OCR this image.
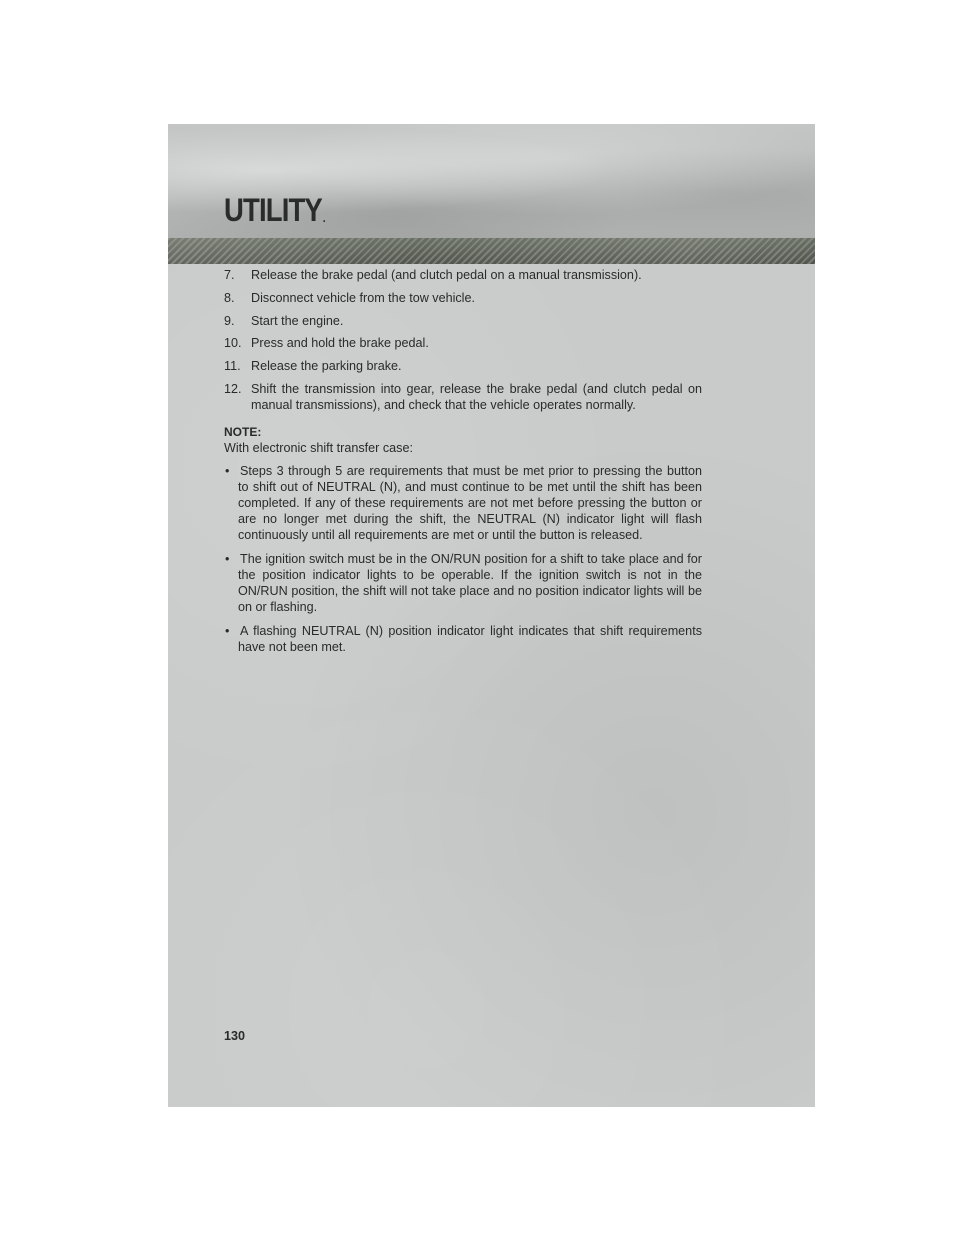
UTILITY.
7.	Release the brake pedal (and clutch pedal on a manual transmission).
8.	Disconnect vehicle from the tow vehicle.
9.	Start the engine.
10. Press and hold the brake pedal.
11. Release the parking brake.
12. Shift the transmission into gear, release the brake pedal (and clutch pedal on manual transmissions), and check that the vehicle operates normally.
NOTE:
With electronic shift transfer case:
• Steps 3 through 5 are requirements that must be met prior to pressing the button to shift out of NEUTRAL (N), and must continue to be met until the shift has been completed. If any of these requirements are not met before pressing the button or are no longer met during the shift, the NEUTRAL (N) indicator light will flash continuously until all requirements are met or until the button is released.
• The ignition switch must be in the ON/RUN position for a shift to take place and for the position indicator lights to be operable. If the ignition switch is not in the ON/RUN position, the shift will not take place and no position indicator lights will be on or flashing.
• A flashing NEUTRAL (N) position indicator light indicates that shift requirements have not been met.
130
